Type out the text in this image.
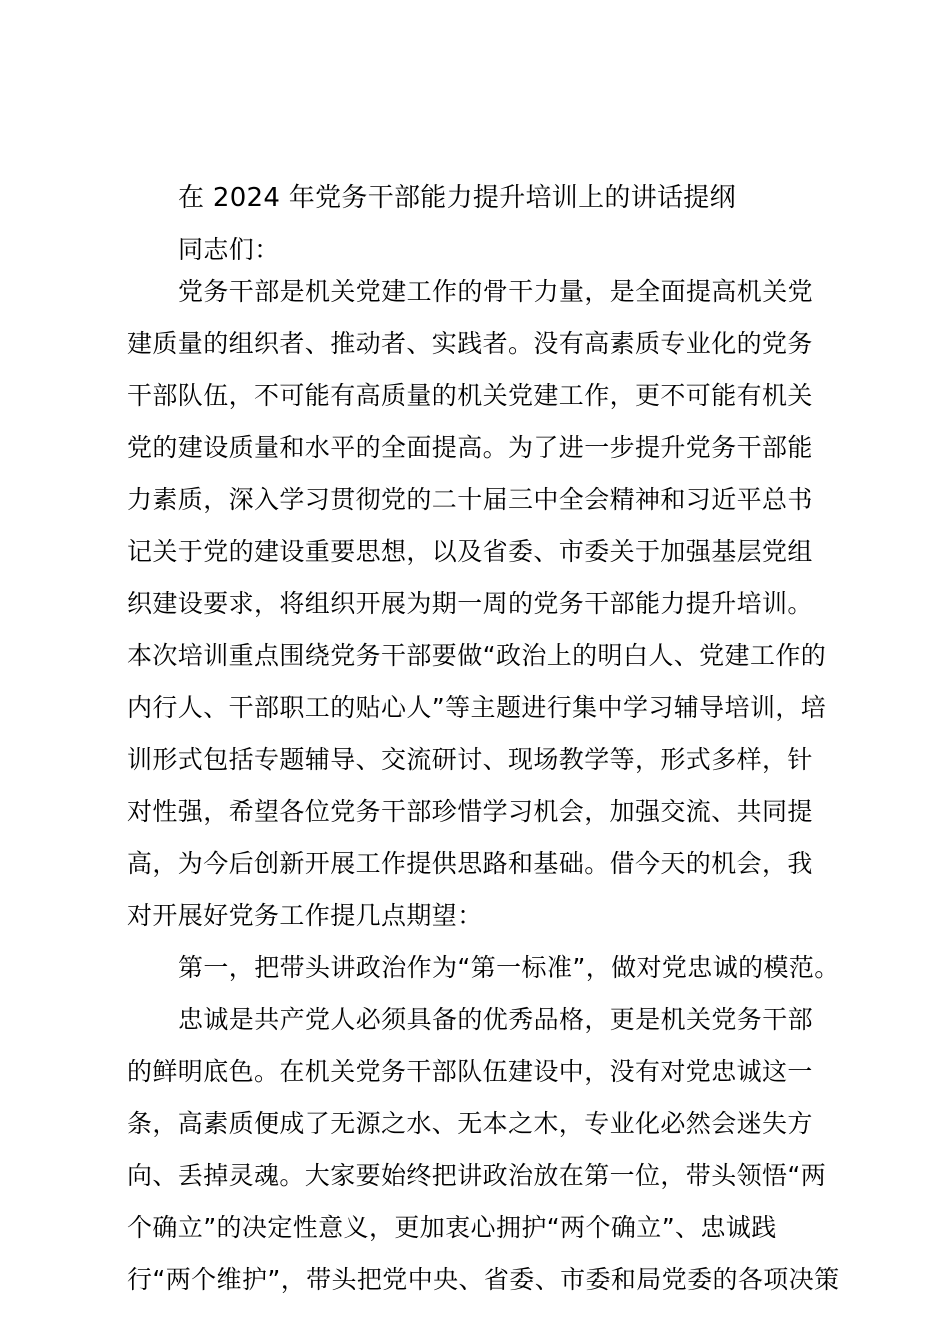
在 2024 年党务干部能力提升培训上的讲话提纲
同志们：
党务干部是机关党建工作的骨干力量，是全面提高机关党
建质量的组织者、推动者、实践者。没有高素质专业化的党务
干部队伍，不可能有高质量的机关党建工作，更不可能有机关
党的建设质量和水平的全面提高。为了进一步提升党务干部能
力素质，深入学习贯彻党的二十届三中全会精神和习近平总书
记关于党的建设重要思想，以及省委、市委关于加强基层党组
织建设要求，将组织开展为期一周的党务干部能力提升培训。
本次培训重点围绕党务干部要做“政治上的明白人、党建工作的
内行人、干部职工的贴心人”等主题进行集中学习辅导培训，培
训形式包括专题辅导、交流研讨、现场教学等，形式多样，针
对性强，希望各位党务干部珍惜学习机会，加强交流、共同提
高，为今后创新开展工作提供思路和基础。借今天的机会，我
对开展好党务工作提几点期望：
第一，把带头讲政治作为“第一标准”，做对党忠诚的模范。
忠诚是共产党人必须具备的优秀品格，更是机关党务干部
的鲜明底色。在机关党务干部队伍建设中，没有对党忠诚这一
条，高素质便成了无源之水、无本之木，专业化必然会迷失方
向、丢掉灵魂。大家要始终把讲政治放在第一位，带头领悟“两
个确立”的决定性意义，更加衷心拥护“两个确立”、忠诚践
行“两个维护”，带头把党中央、省委、市委和局党委的各项决策
